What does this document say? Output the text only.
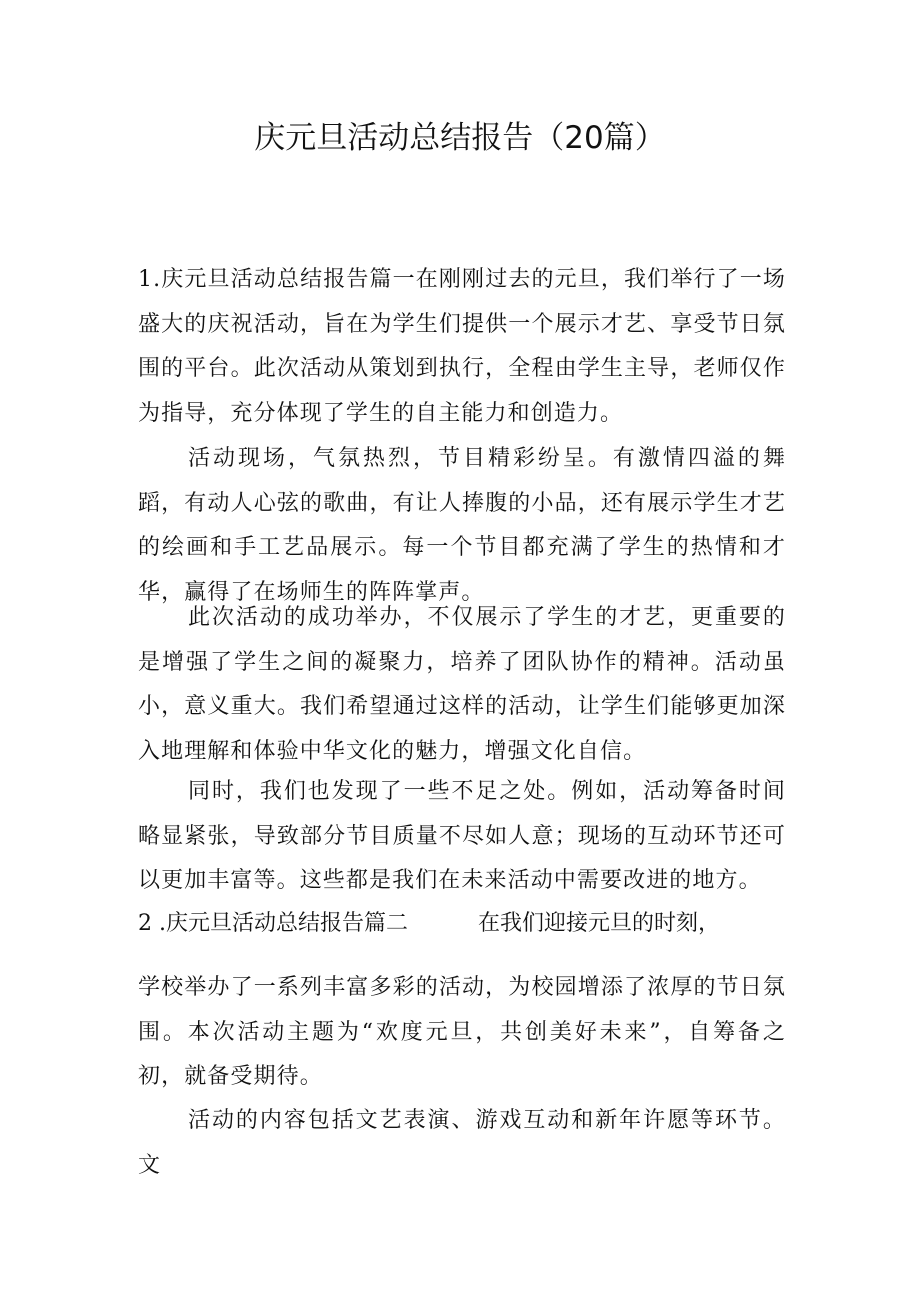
庆元旦活动总结报告（20篇）

1.庆元旦活动总结报告篇一在刚刚过去的元旦，我们举行了一场盛大的庆祝活动，旨在为学生们提供一个展示才艺、享受节日氛围的平台。此次活动从策划到执行，全程由学生主导，老师仅作为指导，充分体现了学生的自主能力和创造力。

活动现场，气氛热烈，节目精彩纷呈。有激情四溢的舞蹈，有动人心弦的歌曲，有让人捧腹的小品，还有展示学生才艺的绘画和手工艺品展示。每一个节目都充满了学生的热情和才华，赢得了在场师生的阵阵掌声。

此次活动的成功举办，不仅展示了学生的才艺，更重要的是增强了学生之间的凝聚力，培养了团队协作的精神。活动虽小，意义重大。我们希望通过这样的活动，让学生们能够更加深入地理解和体验中华文化的魅力，增强文化自信。

同时，我们也发现了一些不足之处。例如，活动筹备时间略显紧张，导致部分节目质量不尽如人意；现场的互动环节还可以更加丰富等。这些都是我们在未来活动中需要改进的地方。

2 .庆元旦活动总结报告篇二	在我们迎接元旦的时刻，

学校举办了一系列丰富多彩的活动，为校园增添了浓厚的节日氛围。本次活动主题为“欢度元旦，共创美好未来”，自筹备之初，就备受期待。

活动的内容包括文艺表演、游戏互动和新年许愿等环节。文
